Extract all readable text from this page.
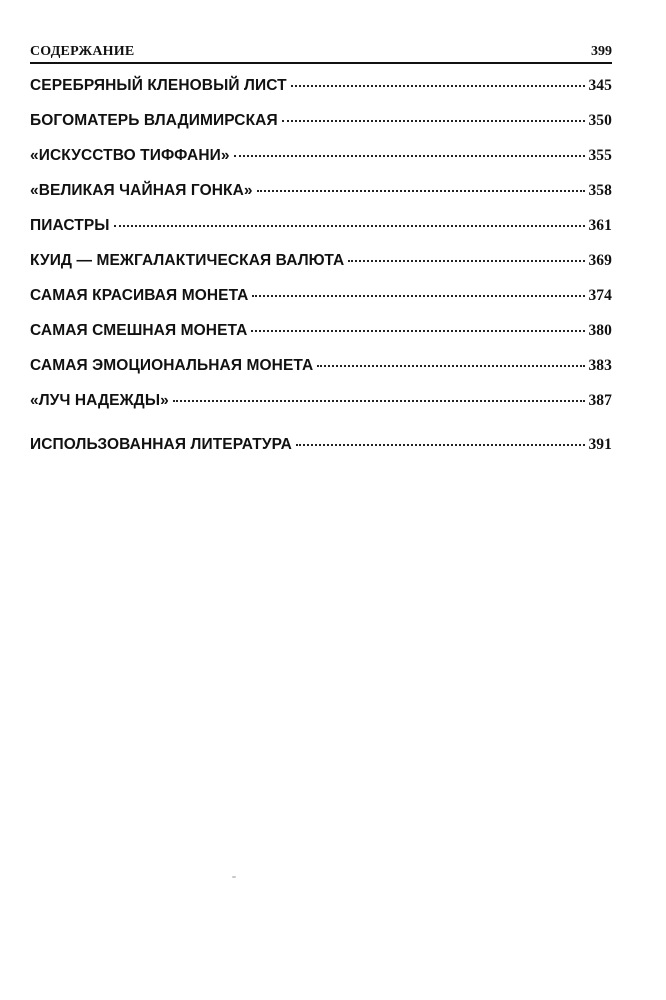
СОДЕРЖАНИЕ	399
СЕРЕБРЯНЫЙ КЛЕНОВЫЙ ЛИСТ	345
БОГОМАТЕРЬ ВЛАДИМИРСКАЯ	350
«ИСКУССТВО ТИФФАНИ»	355
«ВЕЛИКАЯ ЧАЙНАЯ ГОНКА»	358
ПИАСТРЫ	361
КУИД — МЕЖГАЛАКТИЧЕСКАЯ ВАЛЮТА	369
САМАЯ КРАСИВАЯ МОНЕТА	374
САМАЯ СМЕШНАЯ МОНЕТА	380
САМАЯ ЭМОЦИОНАЛЬНАЯ МОНЕТА	383
«ЛУЧ НАДЕЖДЫ»	387
ИСПОЛЬЗОВАННАЯ ЛИТЕРАТУРА	391
